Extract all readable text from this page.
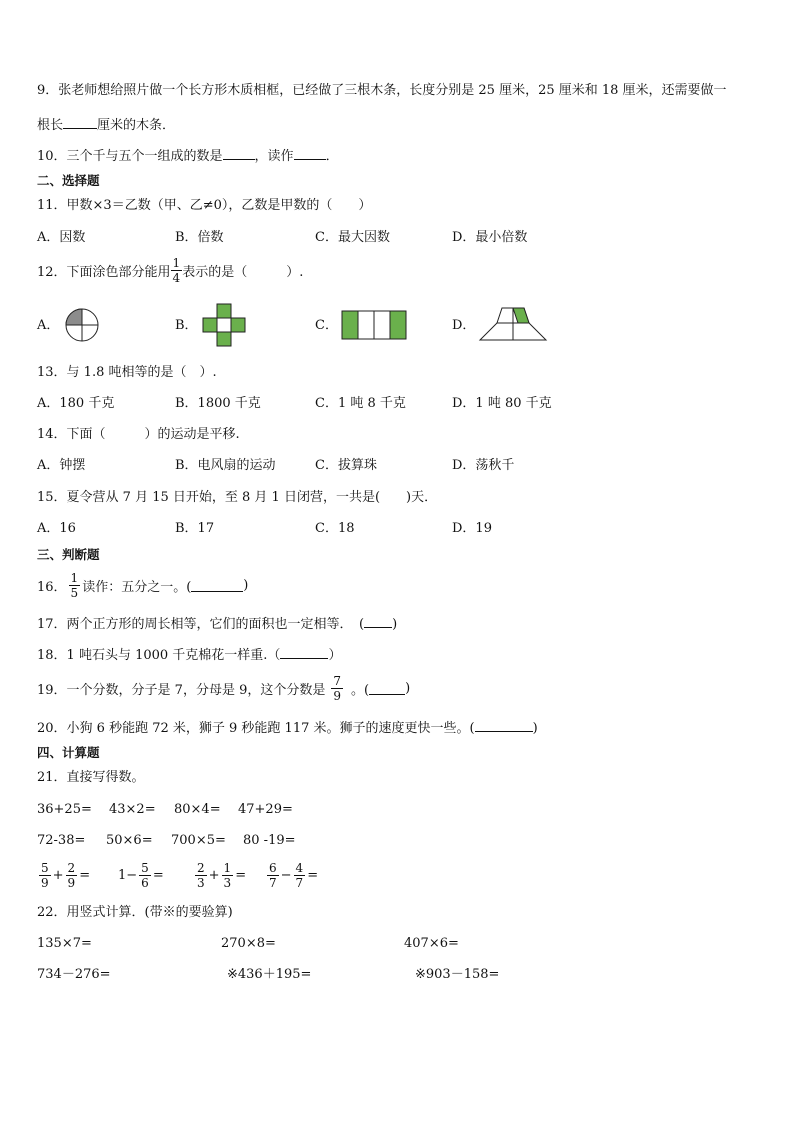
9．张老师想给照片做一个长方形木质相框，已经做了三根木条，长度分别是 25 厘米，25 厘米和 18 厘米，还需要做一
根长	厘米的木条．
10．三个千与五个一组成的数是 ，读作 ．
二、选择题
11．甲数×3＝乙数（甲、乙≠0），乙数是甲数的（　　）
A．因数	B．倍数	C．最大因数	D．最小倍数
12．下面涂色部分能用 $\frac{1}{4}$ 表示的是（　　　）.
A．	B．	C．	D．
13．与 1.8 吨相等的是（　）.
A．180 千克	B．1800 千克	C．1 吨 8 千克	D．1 吨 80 千克
14．下面（　　　）的运动是平移.
A．钟摆	B．电风扇的运动	C．拔算珠	D．荡秋千
15．夏令营从 7 月 15 日开始，至 8 月 1 日闭营，一共是(　　)天．
A．16	B．17	C．18	D．19
三、判断题
16． $\frac{1}{5}$ 读作：五分之一。(	)
17．两个正方形的周长相等，它们的面积也一定相等．　( )
18．1 吨石头与 1000 千克棉花一样重.（	）
19．一个分数，分子是 7，分母是 9，这个分数是 $\frac{7}{9}$ 。(	)
20．小狗 6 秒能跑 72 米，狮子 9 秒能跑 117 米。狮子的速度更快一些。(	)
四、计算题
21．直接写得数。
36+25= 43×2= 80×4= 47+29=
72-38= 50×6= 700×5= 80 -19=
$\frac{5}{9} + \frac{2}{9} = 1- \frac{5}{6}$ =	$\frac{2}{3} + \frac{1}{3} = \frac{6}{7} - \frac{4}{7}$ =
22．用竖式计算．(带※的要验算)
135×7=	270×8=	407×6=
734－276=	※436＋195=	※903－158=
